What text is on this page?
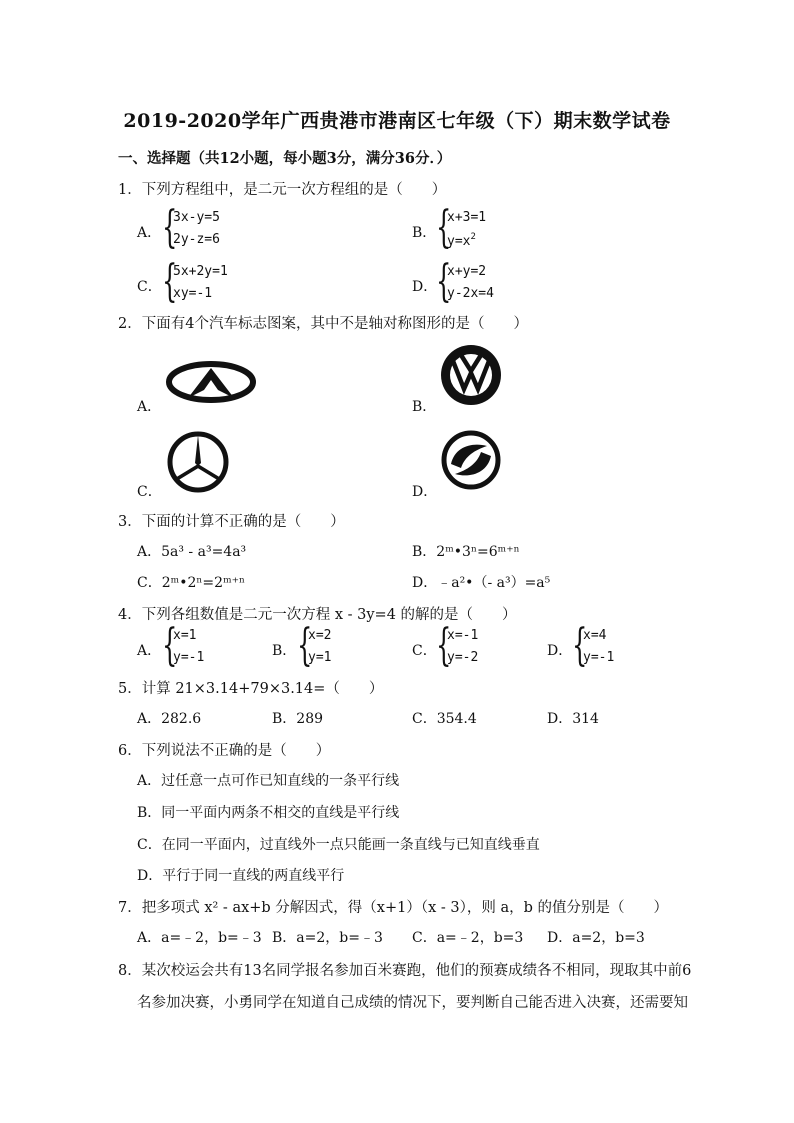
2019-2020学年广西贵港市港南区七年级（下）期末数学试卷
一、选择题（共12小题，每小题3分，满分36分．）
1．下列方程组中，是二元一次方程组的是（　　）
A． {
3x-y=5
2y-z=6	B． {
x+3=1
$y=x^2$
C． {
5x+2y=1
xy=-1	D．
{
x+y=2
y-2x=4
2．下面有4个汽车标志图案，其中不是轴对称图形的是（　　）
A．	B．
C．	D．
3．下面的计算不正确的是（　　）
A．5a³ - a³=4a³	B．2ᵐ•3ⁿ=6ᵐ⁺ⁿ
C．2ᵐ•2ⁿ=2ᵐ⁺ⁿ	D．﹣a²•（- a³）=a⁵
4．下列各组数值是二元一次方程 x - 3y=4 的解的是（　　）
A． {
x=1
y=-1	B． {
x=2
y=1	C． {
x=-1
y=-2	D． {
x=4
y=-1
5．计算 21×3.14+79×3.14=（　　）
A．282.6	B．289	C．354.4	D．314
6．下列说法不正确的是（　　）
A．过任意一点可作已知直线的一条平行线
B．同一平面内两条不相交的直线是平行线
C．在同一平面内，过直线外一点只能画一条直线与已知直线垂直
D．平行于同一直线的两直线平行
7．把多项式 x² - ax+b 分解因式，得（x+1）（x - 3），则 a，b 的值分别是（　　）
A．a=﹣2，b=﹣3 B．a=2，b=﹣3 C．a=﹣2，b=3 D．a=2，b=3
8．某次校运会共有13名同学报名参加百米赛跑，他们的预赛成绩各不相同，现取其中前6
名参加决赛，小勇同学在知道自己成绩的情况下，要判断自己能否进入决赛，还需要知
